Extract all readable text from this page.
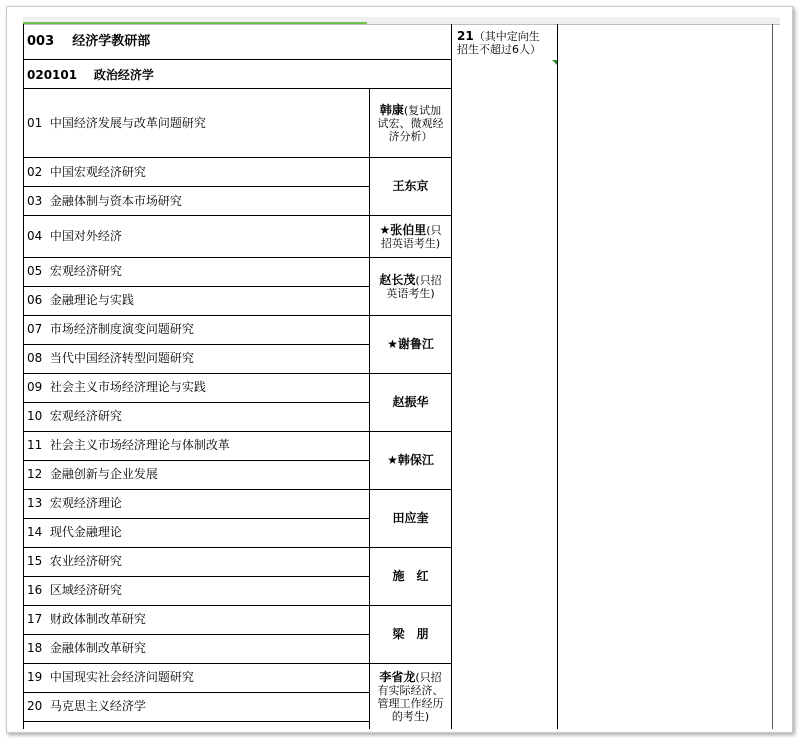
003 经济学教研部	21（其中定向生
招生不超过6人）
020101 政治经济学
01 中国经济发展与改革问题研究
02 中国宏观经济研究
03 金融体制与资本市场研究
04 中国对外经济
05 宏观经济研究
06 金融理论与实践
07 市场经济制度演变问题研究
08 当代中国经济转型问题研究
09 社会主义市场经济理论与实践
10 宏观经济研究
11 社会主义市场经济理论与体制改革
12 金融创新与企业发展
13 宏观经济理论
14 现代金融理论
15 农业经济研究
16 区域经济研究
17 财政体制改革研究
18 金融体制改革研究
19 中国现实社会经济问题研究
20 马克思主义经济学
韩康(复试加
试宏、微观经
济分析）
王东京
★张伯里(只
招英语考生)
赵长茂(只招
英语考生)
★谢鲁江
赵振华
★韩保江
田应奎
施　红
梁　朋
李省龙(只招
有实际经济、
管理工作经历
的考生)
